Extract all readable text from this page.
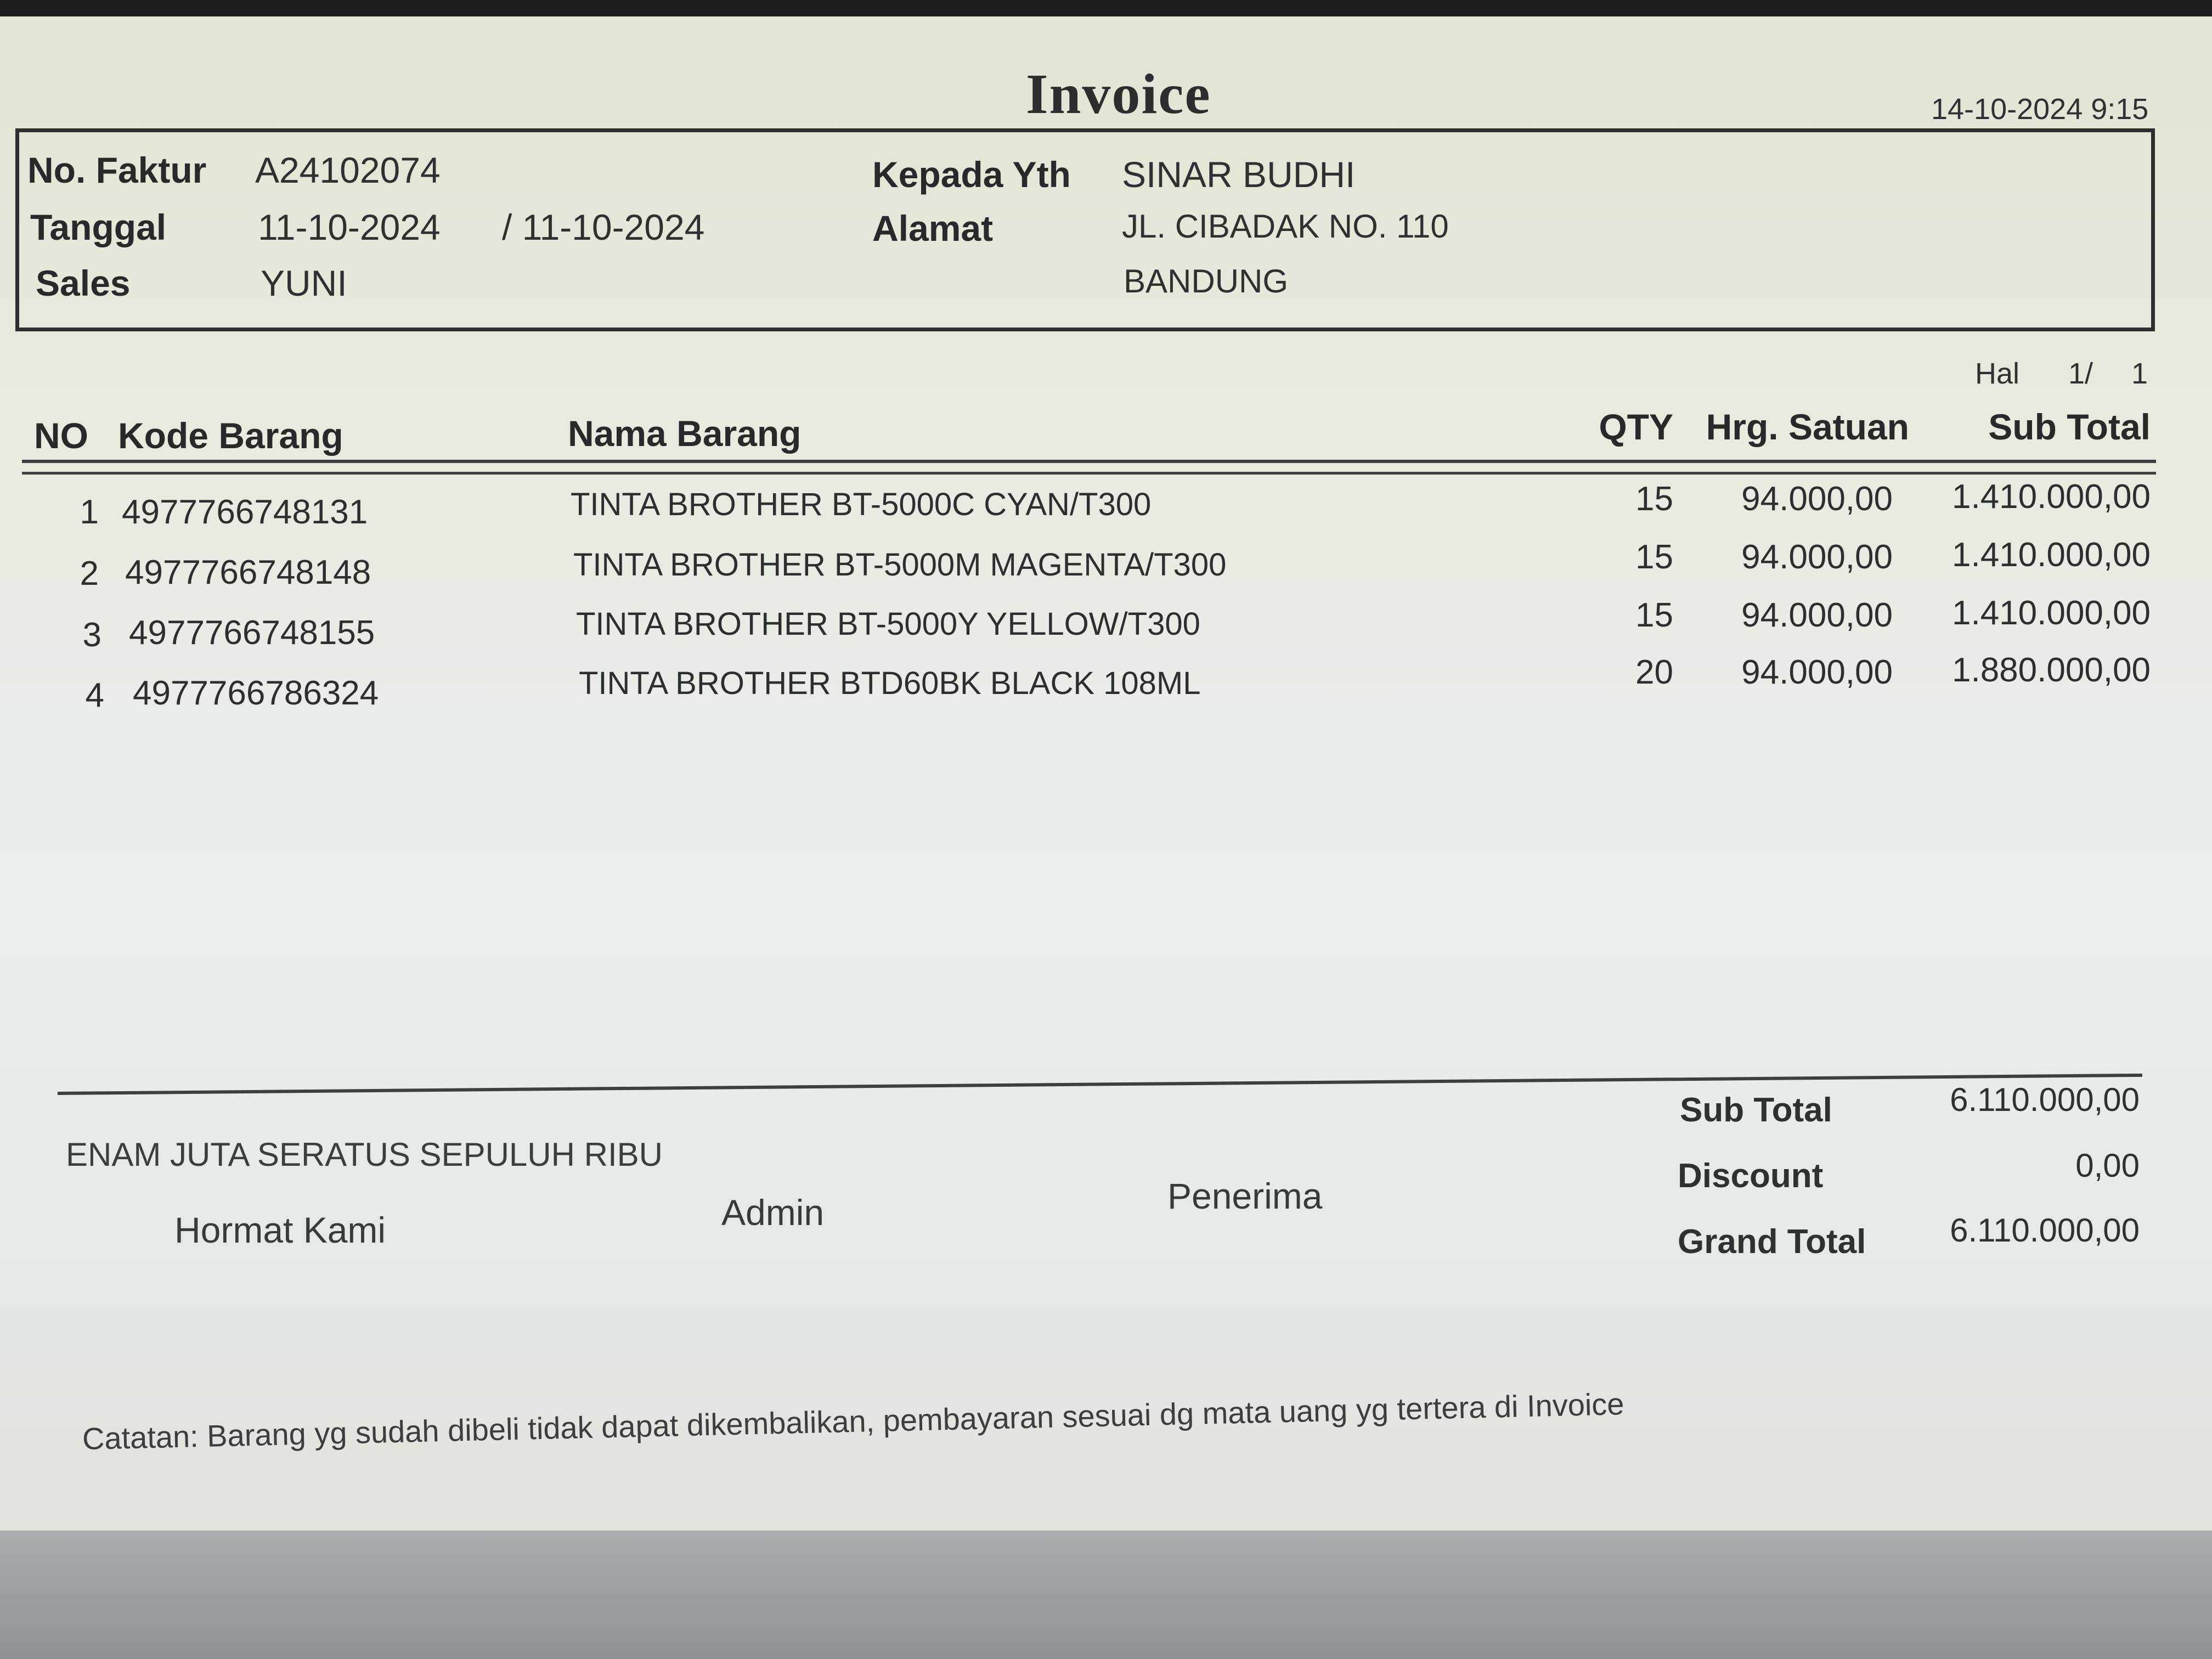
Invoice	14-10-2024 9:15
No. Faktur A24102074
Tanggal	11-10-2024 / 11-10-2024
Sales	YUNI
Kepada Yth SINAR BUDHI
Alamat	JL. CIBADAK NO. 110
BANDUNG
Hal 1/ 1
NO Kode Barang	Nama Barang	QTY Hrg. Satuan	Sub Total
1 4977766748131	TINTA BROTHER BT-5000C CYAN/T300	15	94.000,00	1.410.000,00
2 4977766748148	TINTA BROTHER BT-5000M MAGENTA/T300	15	94.000,00	1.410.000,00
3 4977766748155	TINTA BROTHER BT-5000Y YELLOW/T300	15	94.000,00	1.410.000,00
4 4977766786324	TINTA BROTHER BTD60BK BLACK 108ML	20	94.000,00	1.880.000,00
Sub Total	6.110.000,00
Discount	0,00
Grand Total	6.110.000,00
ENAM JUTA SERATUS SEPULUH RIBU
Hormat Kami	Admin	Penerima
Catatan: Barang yg sudah dibeli tidak dapat dikembalikan, pembayaran sesuai dg mata uang yg tertera di Invoice
